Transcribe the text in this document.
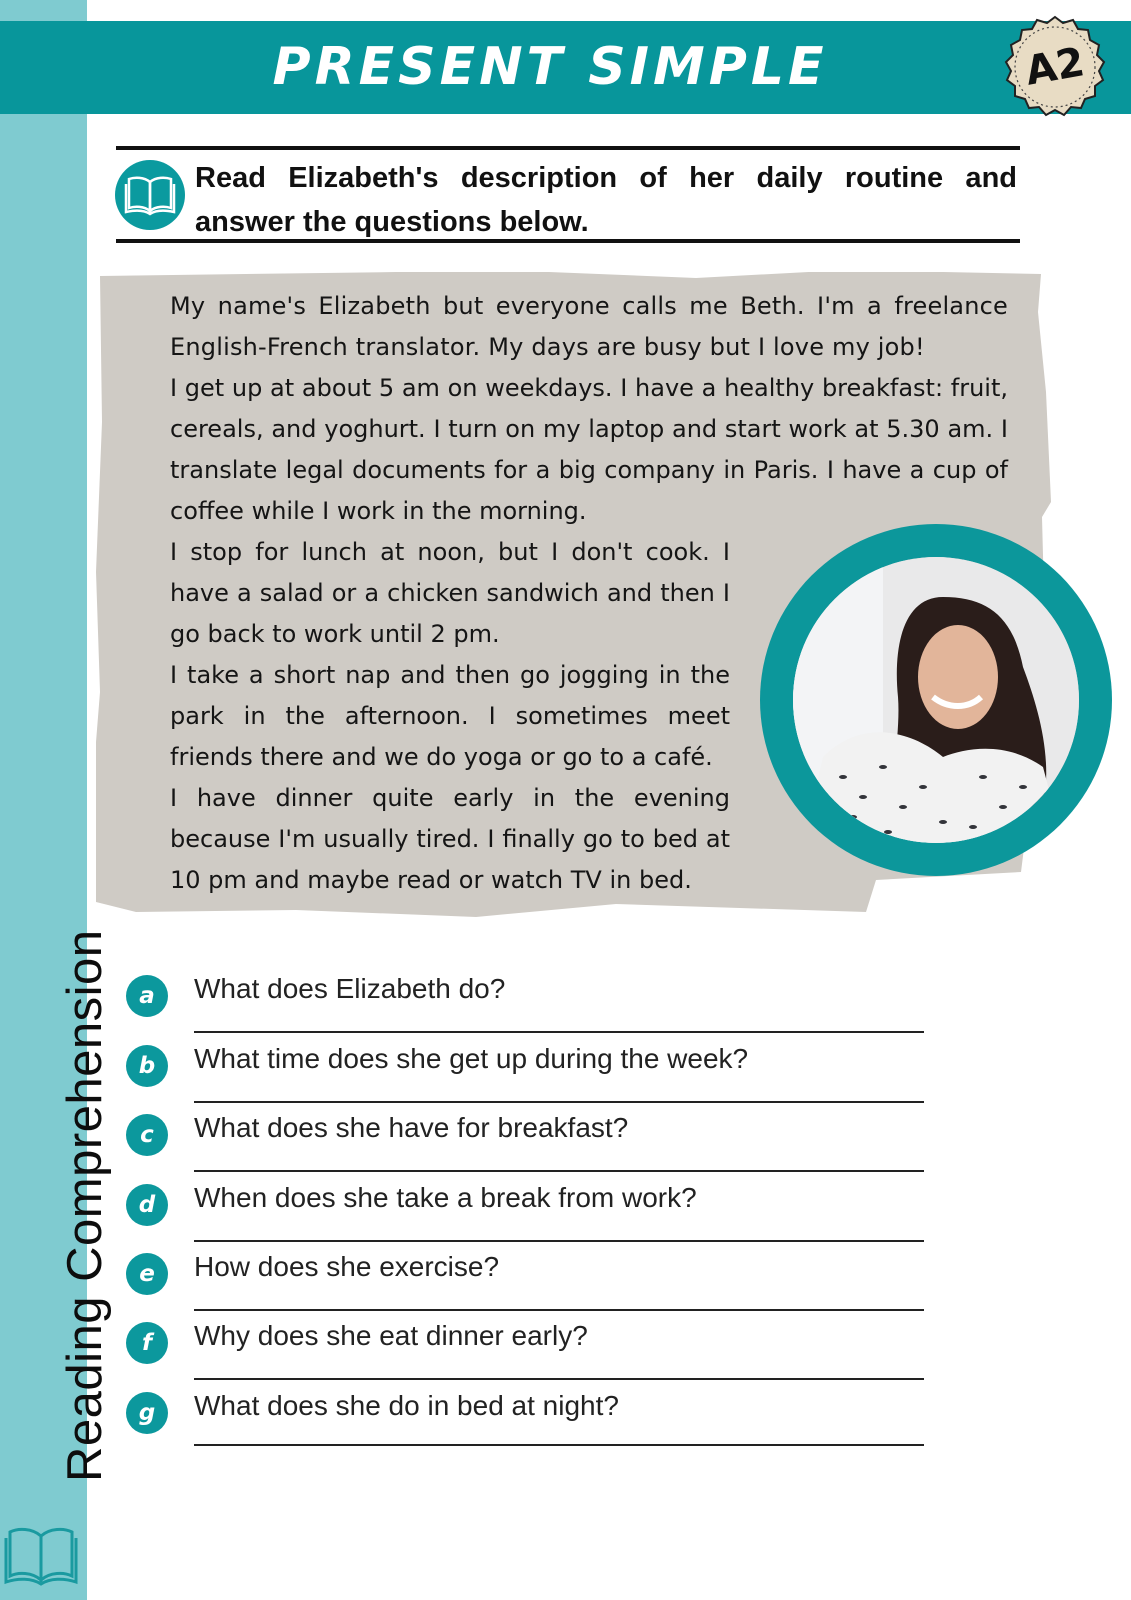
Reading Comprehension
PRESENT SIMPLE	A2
Read Elizabeth's description of her daily routine and answer the questions below.

My name's Elizabeth but everyone calls me Beth. I'm a freelance English-French translator. My days are busy but I love my job!

I get up at about 5 am on weekdays. I have a healthy breakfast: fruit, cereals, and yoghurt. I turn on my laptop and start work at 5.30 am. I translate legal documents for a big company in Paris. I have a cup of coffee while I work in the morning.

I stop for lunch at noon, but I don't cook. I have a salad or a chicken sandwich and then I go back to work until 2 pm.

I take a short nap and then go jogging in the park in the afternoon. I sometimes meet friends there and we do yoga or go to a café.

I have dinner quite early in the evening because I'm usually tired. I finally go to bed at 10 pm and maybe read or watch TV in bed.

a	What does Elizabeth do?
b	What time does she get up during the week?
c	What does she have for breakfast?
d	When does she take a break from work?
e	How does she exercise?
f	Why does she eat dinner early?
g	What does she do in bed at night?
